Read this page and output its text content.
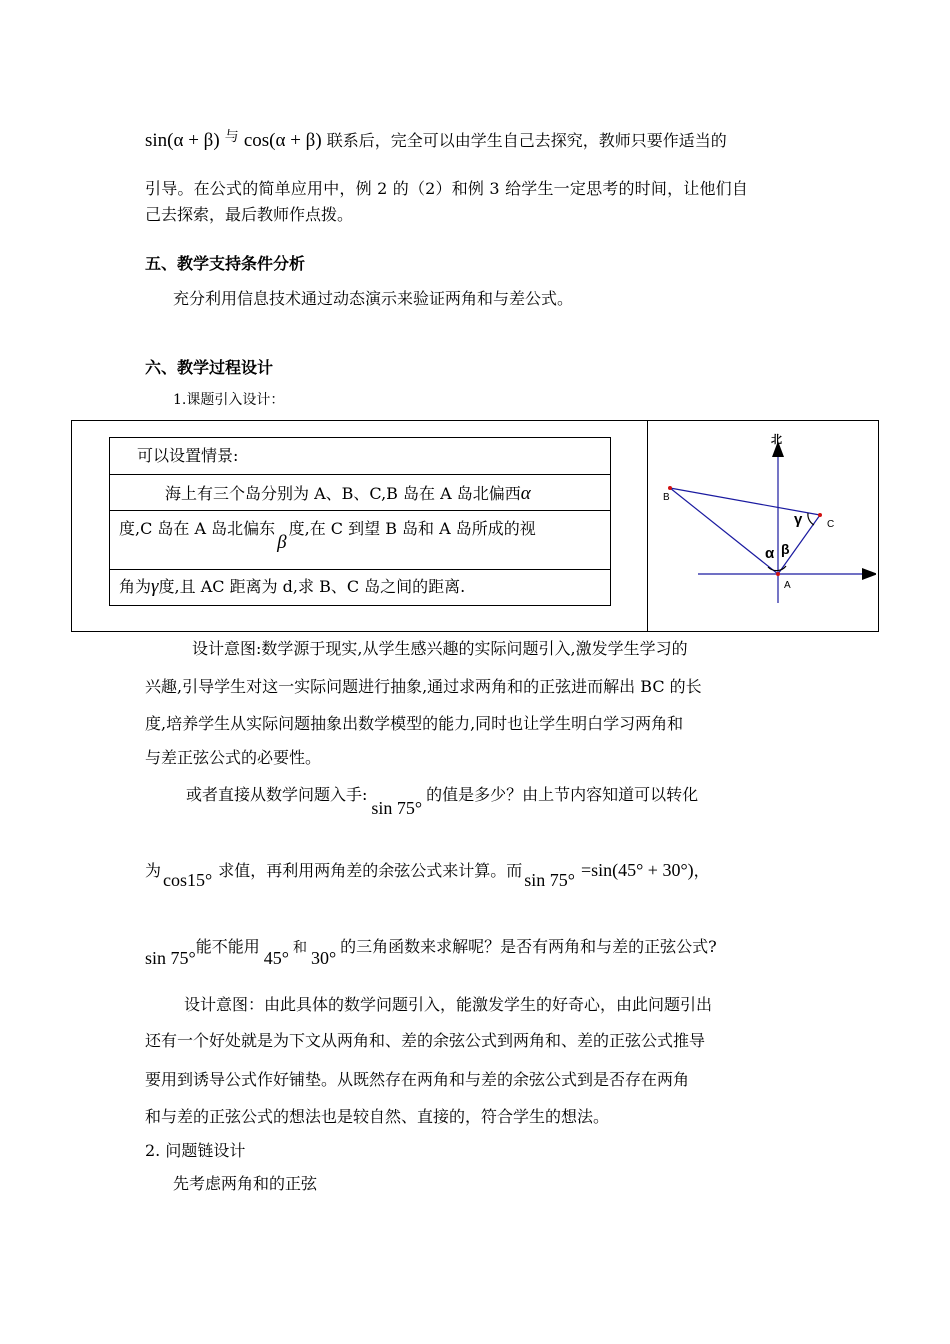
sin(α + β) 与 cos(α + β) 联系后，完全可以由学生自己去探究，教师只要作适当的
引导。在公式的简单应用中，例 2 的（2）和例 3 给学生一定思考的时间，让他们自
己去探索，最后教师作点拨。
五、教学支持条件分析
充分利用信息技术通过动态演示来验证两角和与差公式。
六、教学过程设计
1.课题引入设计：
可以设置情景:
海上有三个岛分别为 A、B、C,B 岛在 A 岛北偏西α
度,C 岛在 A 岛北偏东β度,在 C 到望 B 岛和 A 岛所成的视
角为γ度,且 AC 距离为 d,求 B、C 岛之间的距离.
北
B
C
A
α β
γ
设计意图:数学源于现实,从学生感兴趣的实际问题引入,激发学生学习的
兴趣,引导学生对这一实际问题进行抽象,通过求两角和的正弦进而解出 BC 的长
度,培养学生从实际问题抽象出数学模型的能力,同时也让学生明白学习两角和
与差正弦公式的必要性。
或者直接从数学问题入手:sin 75°的值是多少？由上节内容知道可以转化
为 cos15° 求值，再利用两角差的余弦公式来计算。而 sin 75° =sin(45° + 30°)，
sin 75°能不能用45° 和 30°的三角函数来求解呢？是否有两角和与差的正弦公式?
设计意图：由此具体的数学问题引入，能激发学生的好奇心，由此问题引出
还有一个好处就是为下文从两角和、差的余弦公式到两角和、差的正弦公式推导
要用到诱导公式作好铺垫。从既然存在两角和与差的余弦公式到是否存在两角
和与差的正弦公式的想法也是较自然、直接的，符合学生的想法。
2. 问题链设计
先考虑两角和的正弦
